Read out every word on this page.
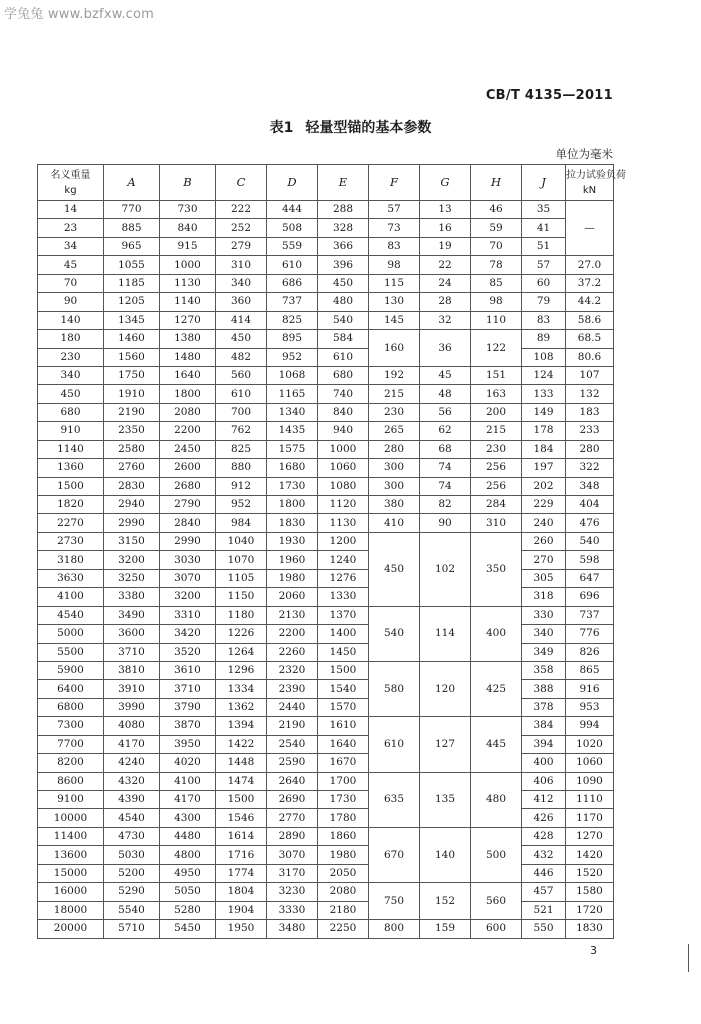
学兔兔 www.bzfxw.com
CB/T 4135—2011
表1 轻量型锚的基本参数
单位为毫米
名义重量
kg	A	B	C	D	E	F	G	H	J	拉力试验负荷
kN

14	770	730	222	444	288	57	13	46	35	—
23	885	840	252	508	328	73	16	59	41	
34	965	915	279	559	366	83	19	70	51	
45	1055	1000	310	610	396	98	22	78	57	27.0
70	1185	1130	340	686	450	115	24	85	60	37.2
90	1205	1140	360	737	480	130	28	98	79	44.2
140	1345	1270	414	825	540	145	32	110	83	58.6
180	1460	1380	450	895	584	160	36	122	89	68.5
230	1560	1480	482	952	610				108	80.6
340	1750	1640	560	1068	680	192	45	151	124	107
450	1910	1800	610	1165	740	215	48	163	133	132
680	2190	2080	700	1340	840	230	56	200	149	183
910	2350	2200	762	1435	940	265	62	215	178	233
1140	2580	2450	825	1575	1000	280	68	230	184	280
1360	2760	2600	880	1680	1060	300	74	256	197	322
1500	2830	2680	912	1730	1080	300	74	256	202	348
1820	2940	2790	952	1800	1120	380	82	284	229	404
2270	2990	2840	984	1830	1130	410	90	310	240	476
2730	3150	2990	1040	1930	1200	450	102	350	260	540
3180	3200	3030	1070	1960	1240				270	598
3630	3250	3070	1105	1980	1276				305	647
4100	3380	3200	1150	2060	1330				318	696
4540	3490	3310	1180	2130	1370	540	114	400	330	737
5000	3600	3420	1226	2200	1400				340	776
5500	3710	3520	1264	2260	1450				349	826
5900	3810	3610	1296	2320	1500	580	120	425	358	865
6400	3910	3710	1334	2390	1540				388	916
6800	3990	3790	1362	2440	1570				378	953
7300	4080	3870	1394	2190	1610	610	127	445	384	994
7700	4170	3950	1422	2540	1640				394	1020
8200	4240	4020	1448	2590	1670				400	1060
8600	4320	4100	1474	2640	1700	635	135	480	406	1090
9100	4390	4170	1500	2690	1730				412	1110
10000	4540	4300	1546	2770	1780				426	1170
11400	4730	4480	1614	2890	1860	670	140	500	428	1270
13600	5030	4800	1716	3070	1980				432	1420
15000	5200	4950	1774	3170	2050				446	1520
16000	5290	5050	1804	3230	2080	750	152	560	457	1580
18000	5540	5280	1904	3330	2180				521	1720
20000	5710	5450	1950	3480	2250	800	159	600	550	1830
3
